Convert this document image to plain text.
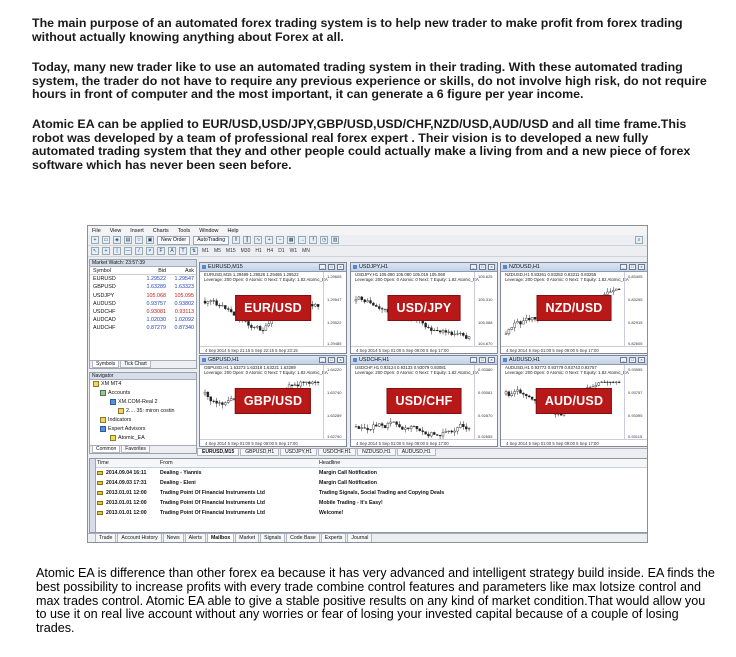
The main purpose of an automated forex trading system is to help new trader to make profit from forex trading without actually knowing anything about Forex at all.
Today, many new trader like to use an automated trading system in their trading. With these automated trading system, the trader do not have to require any previous experience or skills, do not involve high risk, do not require hours in front of computer and the most important, it can generate a 6 figure per year income.
Atomic EA can be applied to EUR/USD,USD/JPY,GBP/USD,USD/CHF,NZD/USD,AUD/USD and all time frame.This robot was developed by a team of professional real forex expert . Their vision is to developed a new fully automated trading system that they and other people could actually make a living from and a new piece of forex software which has never been seen before.
File View Insert Charts Tools Window Help
+	▭	◈	▤	☆	▣	New Order	AutoTrading	‖	┃	∿	+	−	▦	→	f	◷	▥	⌕
↖	+	|	—	/	≠	F	A	T	⇅	M1 M5 M15 M30 H1 H4 D1 W1 MN
Market Watch: 23:57:39
Symbol	Bid	Ask
EURUSD	1.29522	1.29547
GBPUSD	1.63289	1.63323
USDJPY	105.068	105.095
AUDUSD	0.93757	0.93802
USDCHF	0.93081	0.93113
AUDCAD	1.02030	1.02092
AUDCHF	0.87279	0.87340
Symbols	Tick Chart
Navigator
XM MT4
Accounts
XM.COM-Real 2
2.... 35: miron costin
Indicators
Expert Advisors
Atomic_EA
Common	Favorites
EURUSD,M15	_	□	×
EURUSD,M15 1.29499 1.29526 1.29486 1.29522
Leverage: 200 Open: 0 Atomic: 0 Next: 7 Equity: 1.82 Atomic_EA
1.29605
1.29547
1.29522
1.29485
EUR/USD
4 Sep 2014 5 Sep 21:15 5 Sep 22:15 5 Sep 23:15
USDJPY,H1	_	□	×
USDJPY,H1 105.080 105.080 105.019 105.068
Leverage: 200 Open: 0 Atomic: 0 Next: 7 Equity: 1.82 Atomic_EA
105.625
105.310
105.068
104.670
USD/JPY
4 Sep 2014 5 Sep 01:00 5 Sep 09:00 5 Sep 17:00
NZDUSD,H1	_	□	×
NZDUSD,H1 0.83261 0.83282 0.83211 0.83255
Leverage: 200 Open: 0 Atomic: 0 Next: 7 Equity: 1.82 Atomic_EA
0.83405
0.83255
0.82915
0.82605
NZD/USD
4 Sep 2014 5 Sep 01:00 5 Sep 09:00 5 Sep 17:00
GBPUSD,H1	_	□	×
GBPUSD,H1 1.63273 1.63318 1.63221 1.63289
Leverage: 200 Open: 0 Atomic: 0 Next: 7 Equity: 1.82 Atomic_EA
1.64220
1.63740
1.63289
1.62790
GBP/USD
4 Sep 2014 5 Sep 01:00 5 Sep 09:00 5 Sep 17:00
USDCHF,H1	_	□	×
USDCHF,H1 0.93124 0.93133 0.93079 0.93081
Leverage: 200 Open: 0 Atomic: 0 Next: 7 Equity: 1.82 Atomic_EA
0.93380
0.93081
0.92870
0.92655
USD/CHF
4 Sep 2014 5 Sep 01:00 5 Sep 09:00 5 Sep 17:00
AUDUSD,H1	_	□	×
AUDUSD,H1 0.93772 0.93779 0.93743 0.93757
Leverage: 200 Open: 0 Atomic: 0 Next: 7 Equity: 1.82 Atomic_EA
0.93955
0.93757
0.93395
0.93115
AUD/USD
4 Sep 2014 5 Sep 01:00 5 Sep 09:00 5 Sep 17:00
EURUSD,M15	GBPUSD,H1	USDJPY,H1	USDCHF,H1	NZDUSD,H1	AUDUSD,H1
Time	From	Headline
2014.09.04 16:11	Dealing - Yiannis	Margin Call Notification
2014.09.03 17:31	Dealing - Eleni	Margin Call Notification
2013.01.01 12:00	Trading Point Of Financial Instruments Ltd	Trading Signals, Social Trading and Copying Deals
2013.01.01 12:00	Trading Point Of Financial Instruments Ltd	Mobile Trading - It's Easy!
2013.01.01 12:00	Trading Point Of Financial Instruments Ltd	Welcome!
Trade	Account History	News	Alerts	Mailbox	Market	Signals	Code Base	Experts	Journal
Atomic EA is difference than other forex ea because it has very advanced and intelligent strategy build inside. EA finds the best possibility to increase profits with every trade combine control features and parameters like max lotsize control and max trades control. Atomic EA able to give a stable positive results on any kind of market condition.That would allow you to use it on real live account without any worries or fear of losing your invested capital because of a couple of losing trades.
